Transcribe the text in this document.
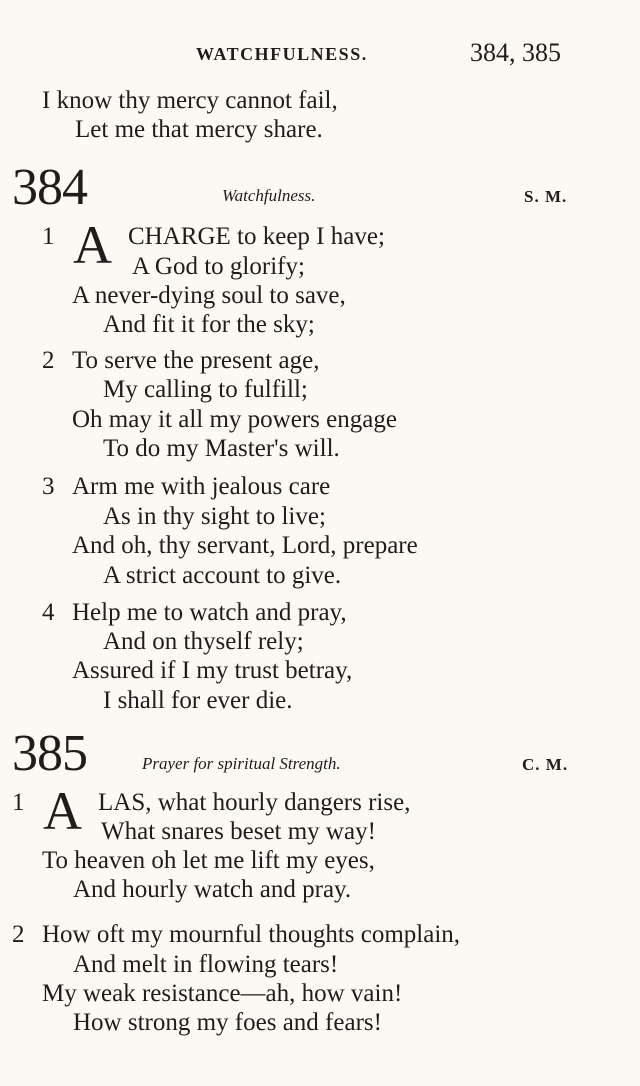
WATCHFULNESS.	384, 385
I know thy mercy cannot fail,
Let me that mercy share.
384	Watchfulness.	S. M.
1 A CHARGE to keep I have;
A God to glorify;
A never-dying soul to save,
And fit it for the sky;
2 To serve the present age,
My calling to fulfill;
Oh may it all my powers engage
To do my Master's will.
3 Arm me with jealous care
As in thy sight to live;
And oh, thy servant, Lord, prepare
A strict account to give.
4 Help me to watch and pray,
And on thyself rely;
Assured if I my trust betray,
I shall for ever die.
385	Prayer for spiritual Strength.	C. M.
1 A LAS, what hourly dangers rise,
What snares beset my way!
To heaven oh let me lift my eyes,
And hourly watch and pray.
2 How oft my mournful thoughts complain,
And melt in flowing tears!
My weak resistance—ah, how vain!
How strong my foes and fears!
